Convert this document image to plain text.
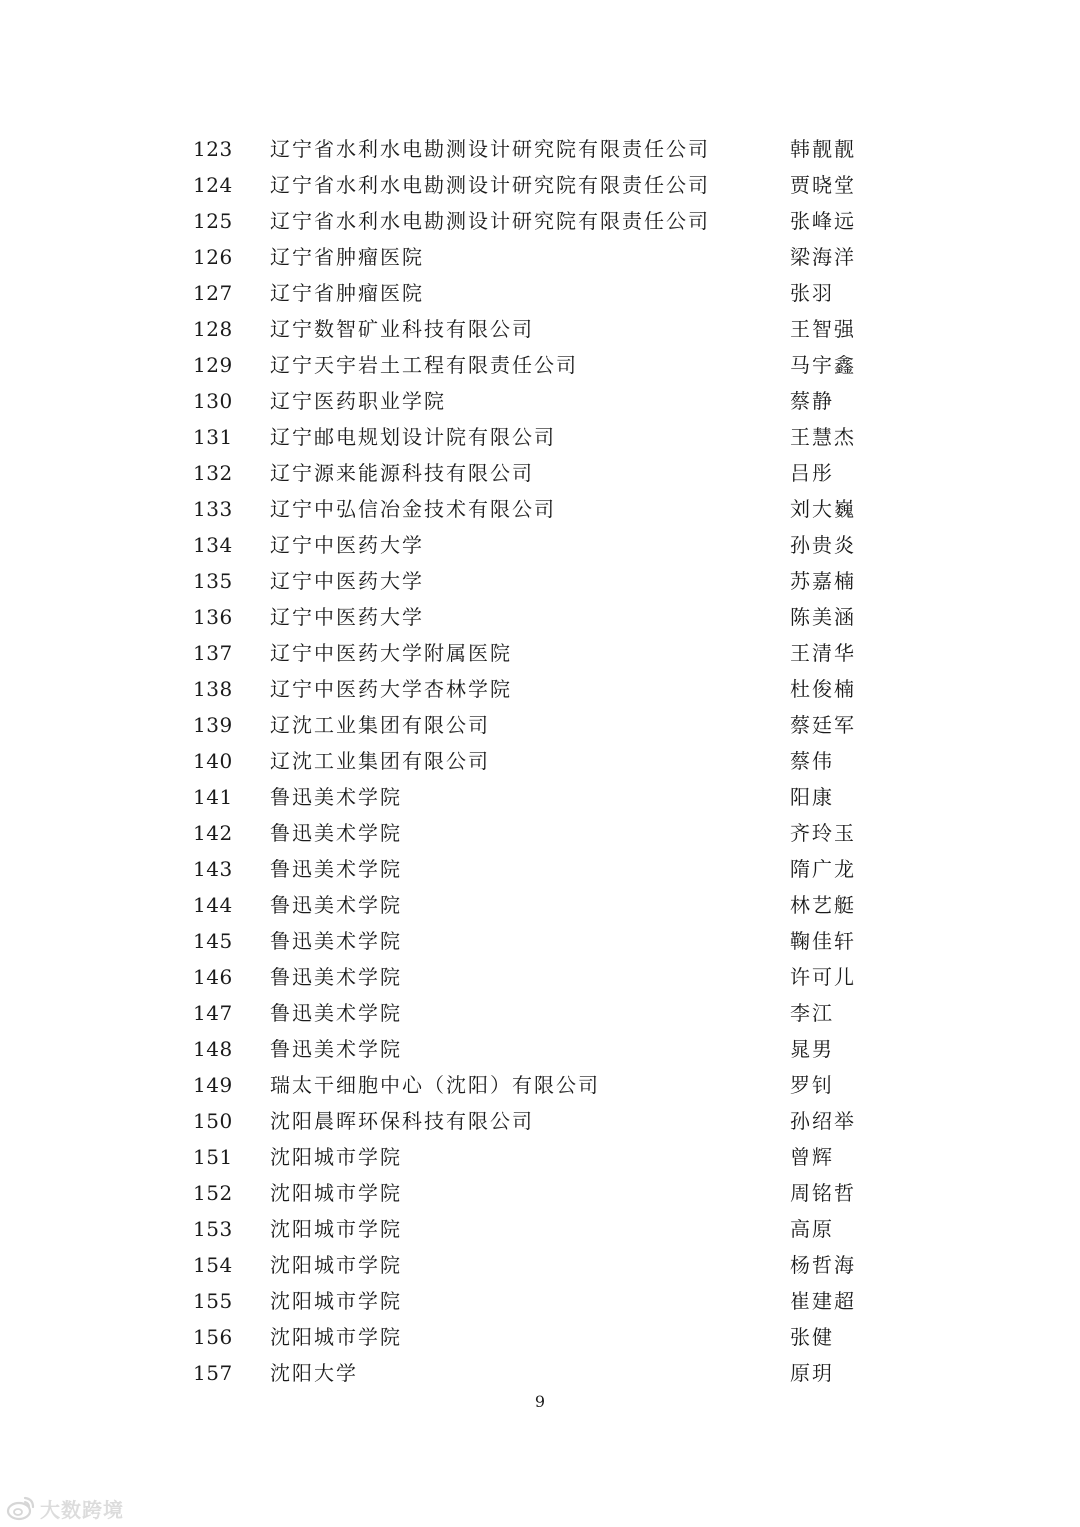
123 辽宁省水利水电勘测设计研究院有限责任公司	韩靓靓
124 辽宁省水利水电勘测设计研究院有限责任公司	贾晓堂
125 辽宁省水利水电勘测设计研究院有限责任公司	张峰远
126 辽宁省肿瘤医院	梁海洋
127 辽宁省肿瘤医院	张羽
128 辽宁数智矿业科技有限公司	王智强
129 辽宁天宇岩土工程有限责任公司	马宇鑫
130 辽宁医药职业学院	蔡静
131 辽宁邮电规划设计院有限公司	王慧杰
132 辽宁源来能源科技有限公司	吕彤
133 辽宁中弘信冶金技术有限公司	刘大巍
134 辽宁中医药大学	孙贵炎
135 辽宁中医药大学	苏嘉楠
136 辽宁中医药大学	陈美涵
137 辽宁中医药大学附属医院	王清华
138 辽宁中医药大学杏林学院	杜俊楠
139 辽沈工业集团有限公司	蔡廷军
140 辽沈工业集团有限公司	蔡伟
141 鲁迅美术学院	阳康
142 鲁迅美术学院	齐玲玉
143 鲁迅美术学院	隋广龙
144 鲁迅美术学院	林艺艇
145 鲁迅美术学院	鞠佳轩
146 鲁迅美术学院	许可儿
147 鲁迅美术学院	李江
148 鲁迅美术学院	晁男
149 瑞太干细胞中心（沈阳）有限公司	罗钊
150 沈阳晨晖环保科技有限公司	孙绍举
151 沈阳城市学院	曾辉
152 沈阳城市学院	周铭哲
153 沈阳城市学院	高原
154 沈阳城市学院	杨哲海
155 沈阳城市学院	崔建超
156 沈阳城市学院	张健
157 沈阳大学	原玥
9
大数跨境
